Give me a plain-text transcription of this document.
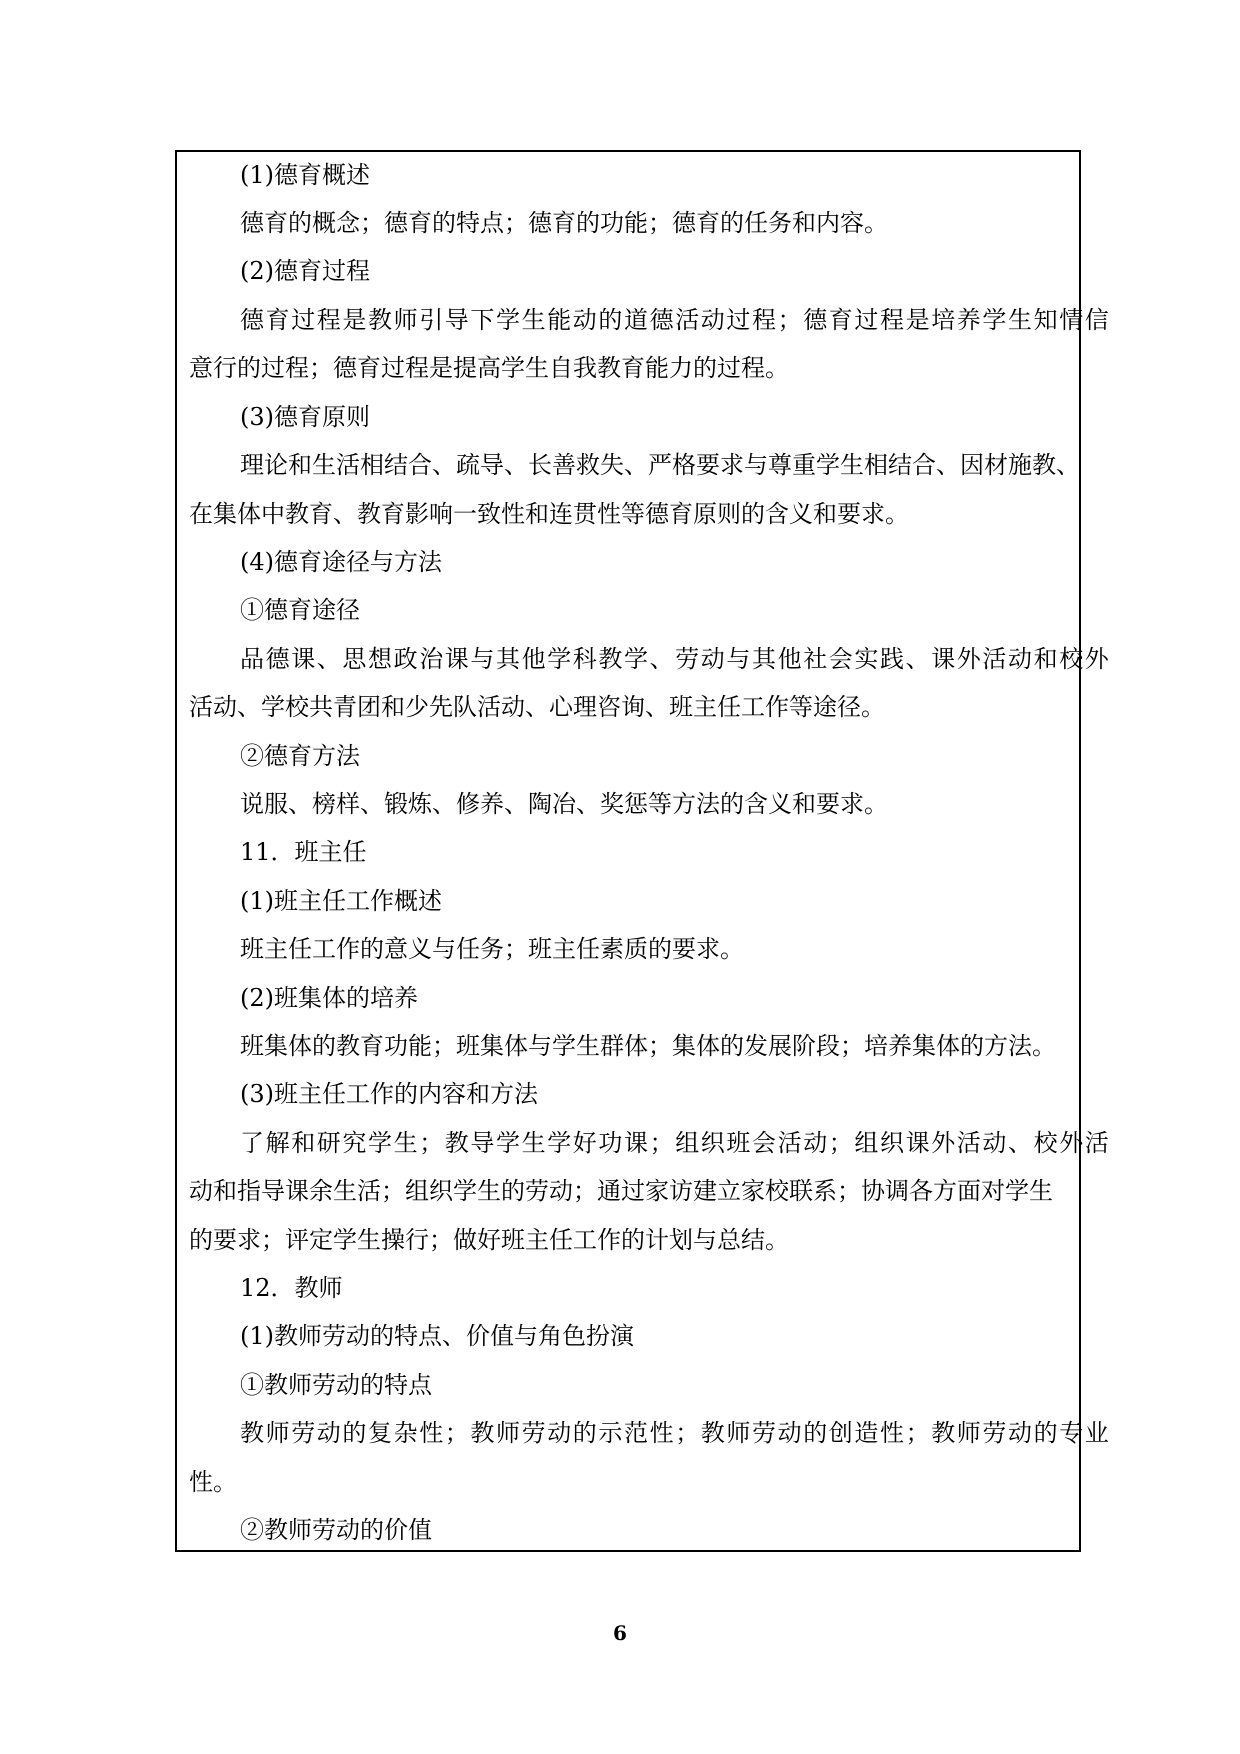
(1)德育概述
德育的概念；德育的特点；德育的功能；德育的任务和内容。
(2)德育过程
德育过程是教师引导下学生能动的道德活动过程；德育过程是培养学生知情信
意行的过程；德育过程是提高学生自我教育能力的过程。
(3)德育原则
理论和生活相结合、疏导、长善救失、严格要求与尊重学生相结合、因材施教、
在集体中教育、教育影响一致性和连贯性等德育原则的含义和要求。
(4)德育途径与方法
①德育途径
品德课、思想政治课与其他学科教学、劳动与其他社会实践、课外活动和校外
活动、学校共青团和少先队活动、心理咨询、班主任工作等途径。
②德育方法
说服、榜样、锻炼、修养、陶冶、奖惩等方法的含义和要求。
11．班主任
(1)班主任工作概述
班主任工作的意义与任务；班主任素质的要求。
(2)班集体的培养
班集体的教育功能；班集体与学生群体；集体的发展阶段；培养集体的方法。
(3)班主任工作的内容和方法
了解和研究学生；教导学生学好功课；组织班会活动；组织课外活动、校外活
动和指导课余生活；组织学生的劳动；通过家访建立家校联系；协调各方面对学生
的要求；评定学生操行；做好班主任工作的计划与总结。
12．教师
(1)教师劳动的特点、价值与角色扮演
①教师劳动的特点
教师劳动的复杂性；教师劳动的示范性；教师劳动的创造性；教师劳动的专业
性。
②教师劳动的价值
6
